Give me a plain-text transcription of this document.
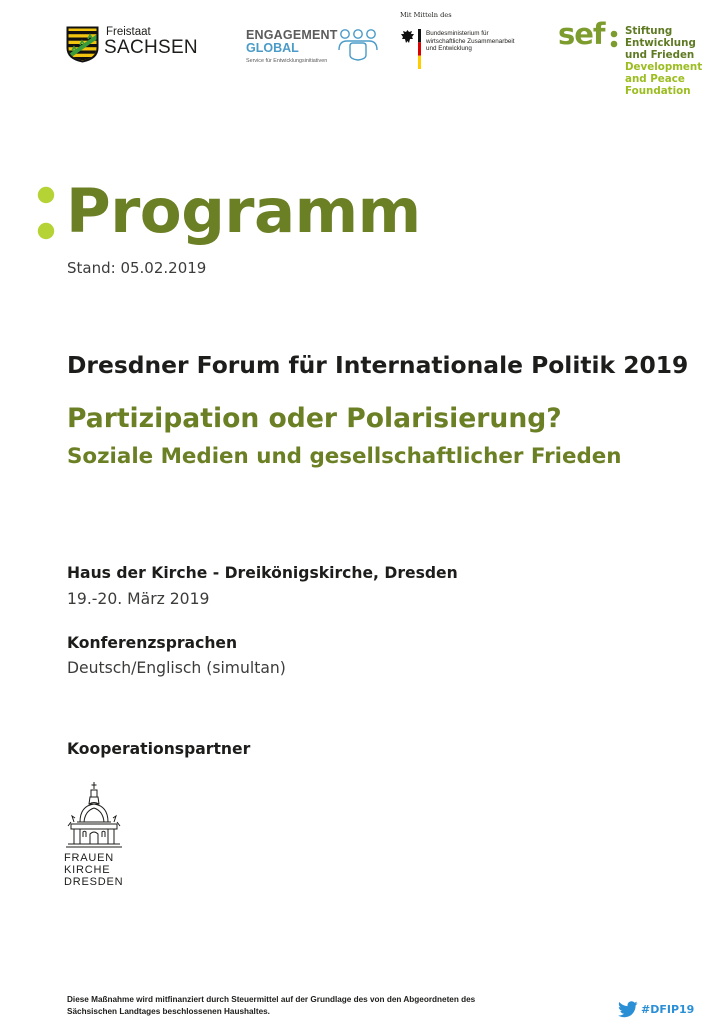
Freistaat
SACHSEN
ENGAGEMENT
GLOBAL
Service für Entwicklungsinitiativen
Mit Mitteln des
Bundesministerium für
wirtschaftliche Zusammenarbeit
und Entwicklung	sef Stiftung
Entwicklung
und Frieden
Development
and Peace
Foundation
Programm
Stand: 05.02.2019
Dresdner Forum für Internationale Politik 2019
Partizipation oder Polarisierung?
Soziale Medien und gesellschaftlicher Frieden
Haus der Kirche - Dreikönigskirche, Dresden
19.-20. März 2019
Konferenzsprachen
Deutsch/Englisch (simultan)
Kooperationspartner
FRAUEN
KIRCHE
DRESDEN
Diese Maßnahme wird mitfinanziert durch Steuermittel auf der Grundlage des von den Abgeordneten des
Sächsischen Landtages beschlossenen Haushaltes.	#DFIP19
